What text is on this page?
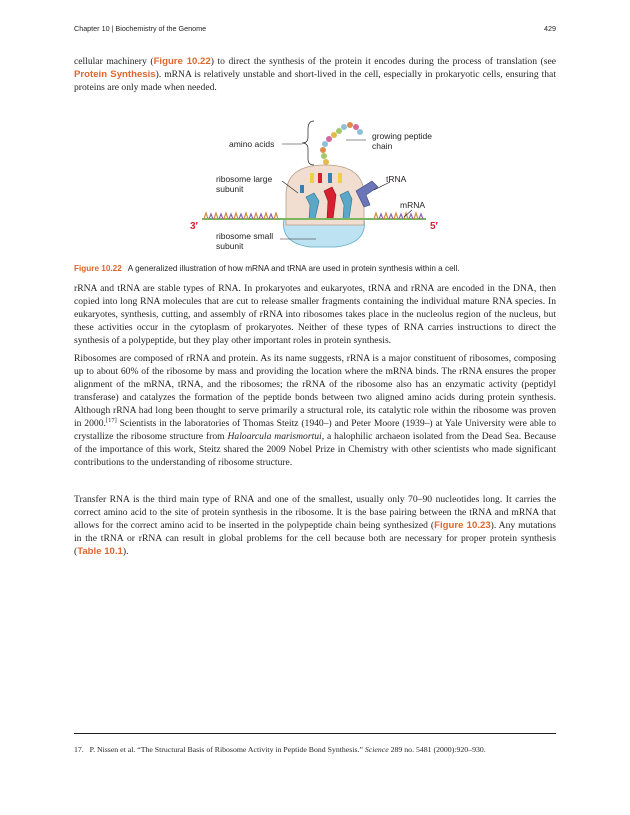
Chapter 10 | Biochemistry of the Genome	429

cellular machinery (Figure 10.22) to direct the synthesis of the protein it encodes during the process of translation (see Protein Synthesis). mRNA is relatively unstable and short-lived in the cell, especially in prokaryotic cells, ensuring that proteins are only made when needed.

amino acids
growing peptide
chain
ribosome large
subunit
tRNA
mRNA
3′	5′
ribosome small
subunit
Figure 10.22 A generalized illustration of how mRNA and tRNA are used in protein synthesis within a cell.

rRNA and tRNA are stable types of RNA. In prokaryotes and eukaryotes, tRNA and rRNA are encoded in the DNA, then copied into long RNA molecules that are cut to release smaller fragments containing the individual mature RNA species. In eukaryotes, synthesis, cutting, and assembly of rRNA into ribosomes takes place in the nucleolus region of the nucleus, but these activities occur in the cytoplasm of prokaryotes. Neither of these types of RNA carries instructions to direct the synthesis of a polypeptide, but they play other important roles in protein synthesis.

Ribosomes are composed of rRNA and protein. As its name suggests, rRNA is a major constituent of ribosomes, composing up to about 60% of the ribosome by mass and providing the location where the mRNA binds. The rRNA ensures the proper alignment of the mRNA, tRNA, and the ribosomes; the rRNA of the ribosome also has an enzymatic activity (peptidyl transferase) and catalyzes the formation of the peptide bonds between two aligned amino acids during protein synthesis. Although rRNA had long been thought to serve primarily a structural role, its catalytic role within the ribosome was proven in 2000.[17] Scientists in the laboratories of Thomas Steitz (1940–) and Peter Moore (1939–) at Yale University were able to crystallize the ribosome structure from Haloarcula marismortui, a halophilic archaeon isolated from the Dead Sea. Because of the importance of this work, Steitz shared the 2009 Nobel Prize in Chemistry with other scientists who made significant contributions to the understanding of ribosome structure.

Transfer RNA is the third main type of RNA and one of the smallest, usually only 70–90 nucleotides long. It carries the correct amino acid to the site of protein synthesis in the ribosome. It is the base pairing between the tRNA and mRNA that allows for the correct amino acid to be inserted in the polypeptide chain being synthesized (Figure 10.23). Any mutations in the tRNA or rRNA can result in global problems for the cell because both are necessary for proper protein synthesis (Table 10.1).

17. P. Nissen et al. “The Structural Basis of Ribosome Activity in Peptide Bond Synthesis.” Science 289 no. 5481 (2000):920–930.
